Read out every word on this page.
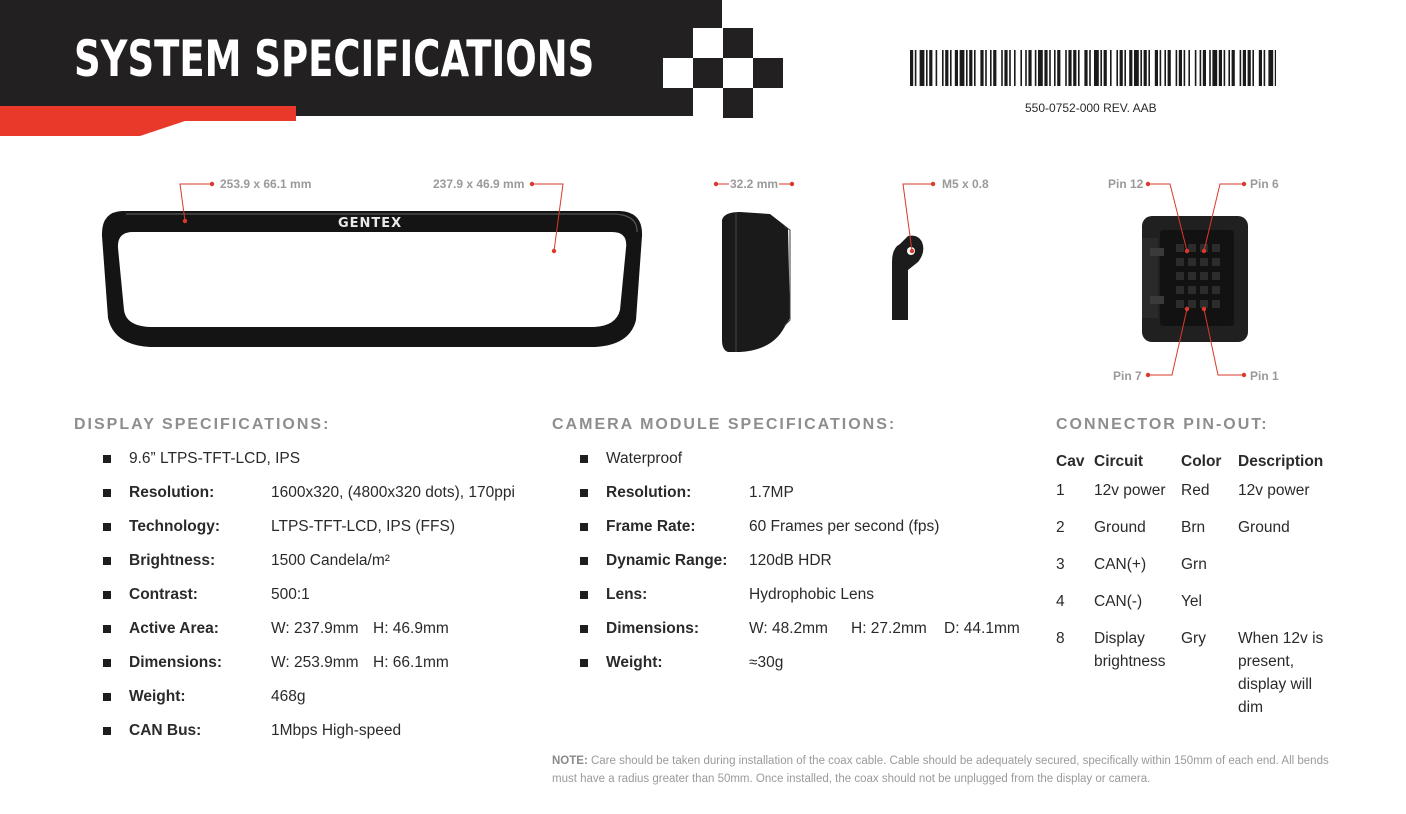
SYSTEM SPECIFICATIONS
550-0752-000 REV. AAB
GENTEX
253.9 x 66.1 mm	237.9 x 46.9 mm	32.2 mm	M5 x 0.8	Pin 12	Pin 6
Pin 7	Pin 1
DISPLAY SPECIFICATIONS:
9.6” LTPS-TFT-LCD, IPS
Resolution:	1600x320, (4800x320 dots), 170ppi
Technology:	LTPS-TFT-LCD, IPS (FFS)
Brightness:	1500 Candela/m²
Contrast:	500:1
Active Area:	W: 237.9mm H: 46.9mm
Dimensions:	W: 253.9mm H: 66.1mm
Weight:	468g
CAN Bus:	1Mbps High-speed
CAMERA MODULE SPECIFICATIONS:
Waterproof
Resolution:	1.7MP
Frame Rate:	60 Frames per second (fps)
Dynamic Range: 120dB HDR
Lens:	Hydrophobic Lens
Dimensions:	W: 48.2mm H: 27.2mm D: 44.1mm
Weight:	≈30g
CONNECTOR PIN-OUT:
Cav	Circuit	Color	Description
1	12v power	Red	12v power
2	Ground	Brn	Ground
3	CAN(+)	Grn	
4	CAN(-)	Yel	
8	Display brightness	Gry	When 12v is present, display will dim
NOTE: Care should be taken during installation of the coax cable. Cable should be adequately secured, specifically within 150mm of each end. All bends must have a radius greater than 50mm. Once installed, the coax should not be unplugged from the display or camera.
